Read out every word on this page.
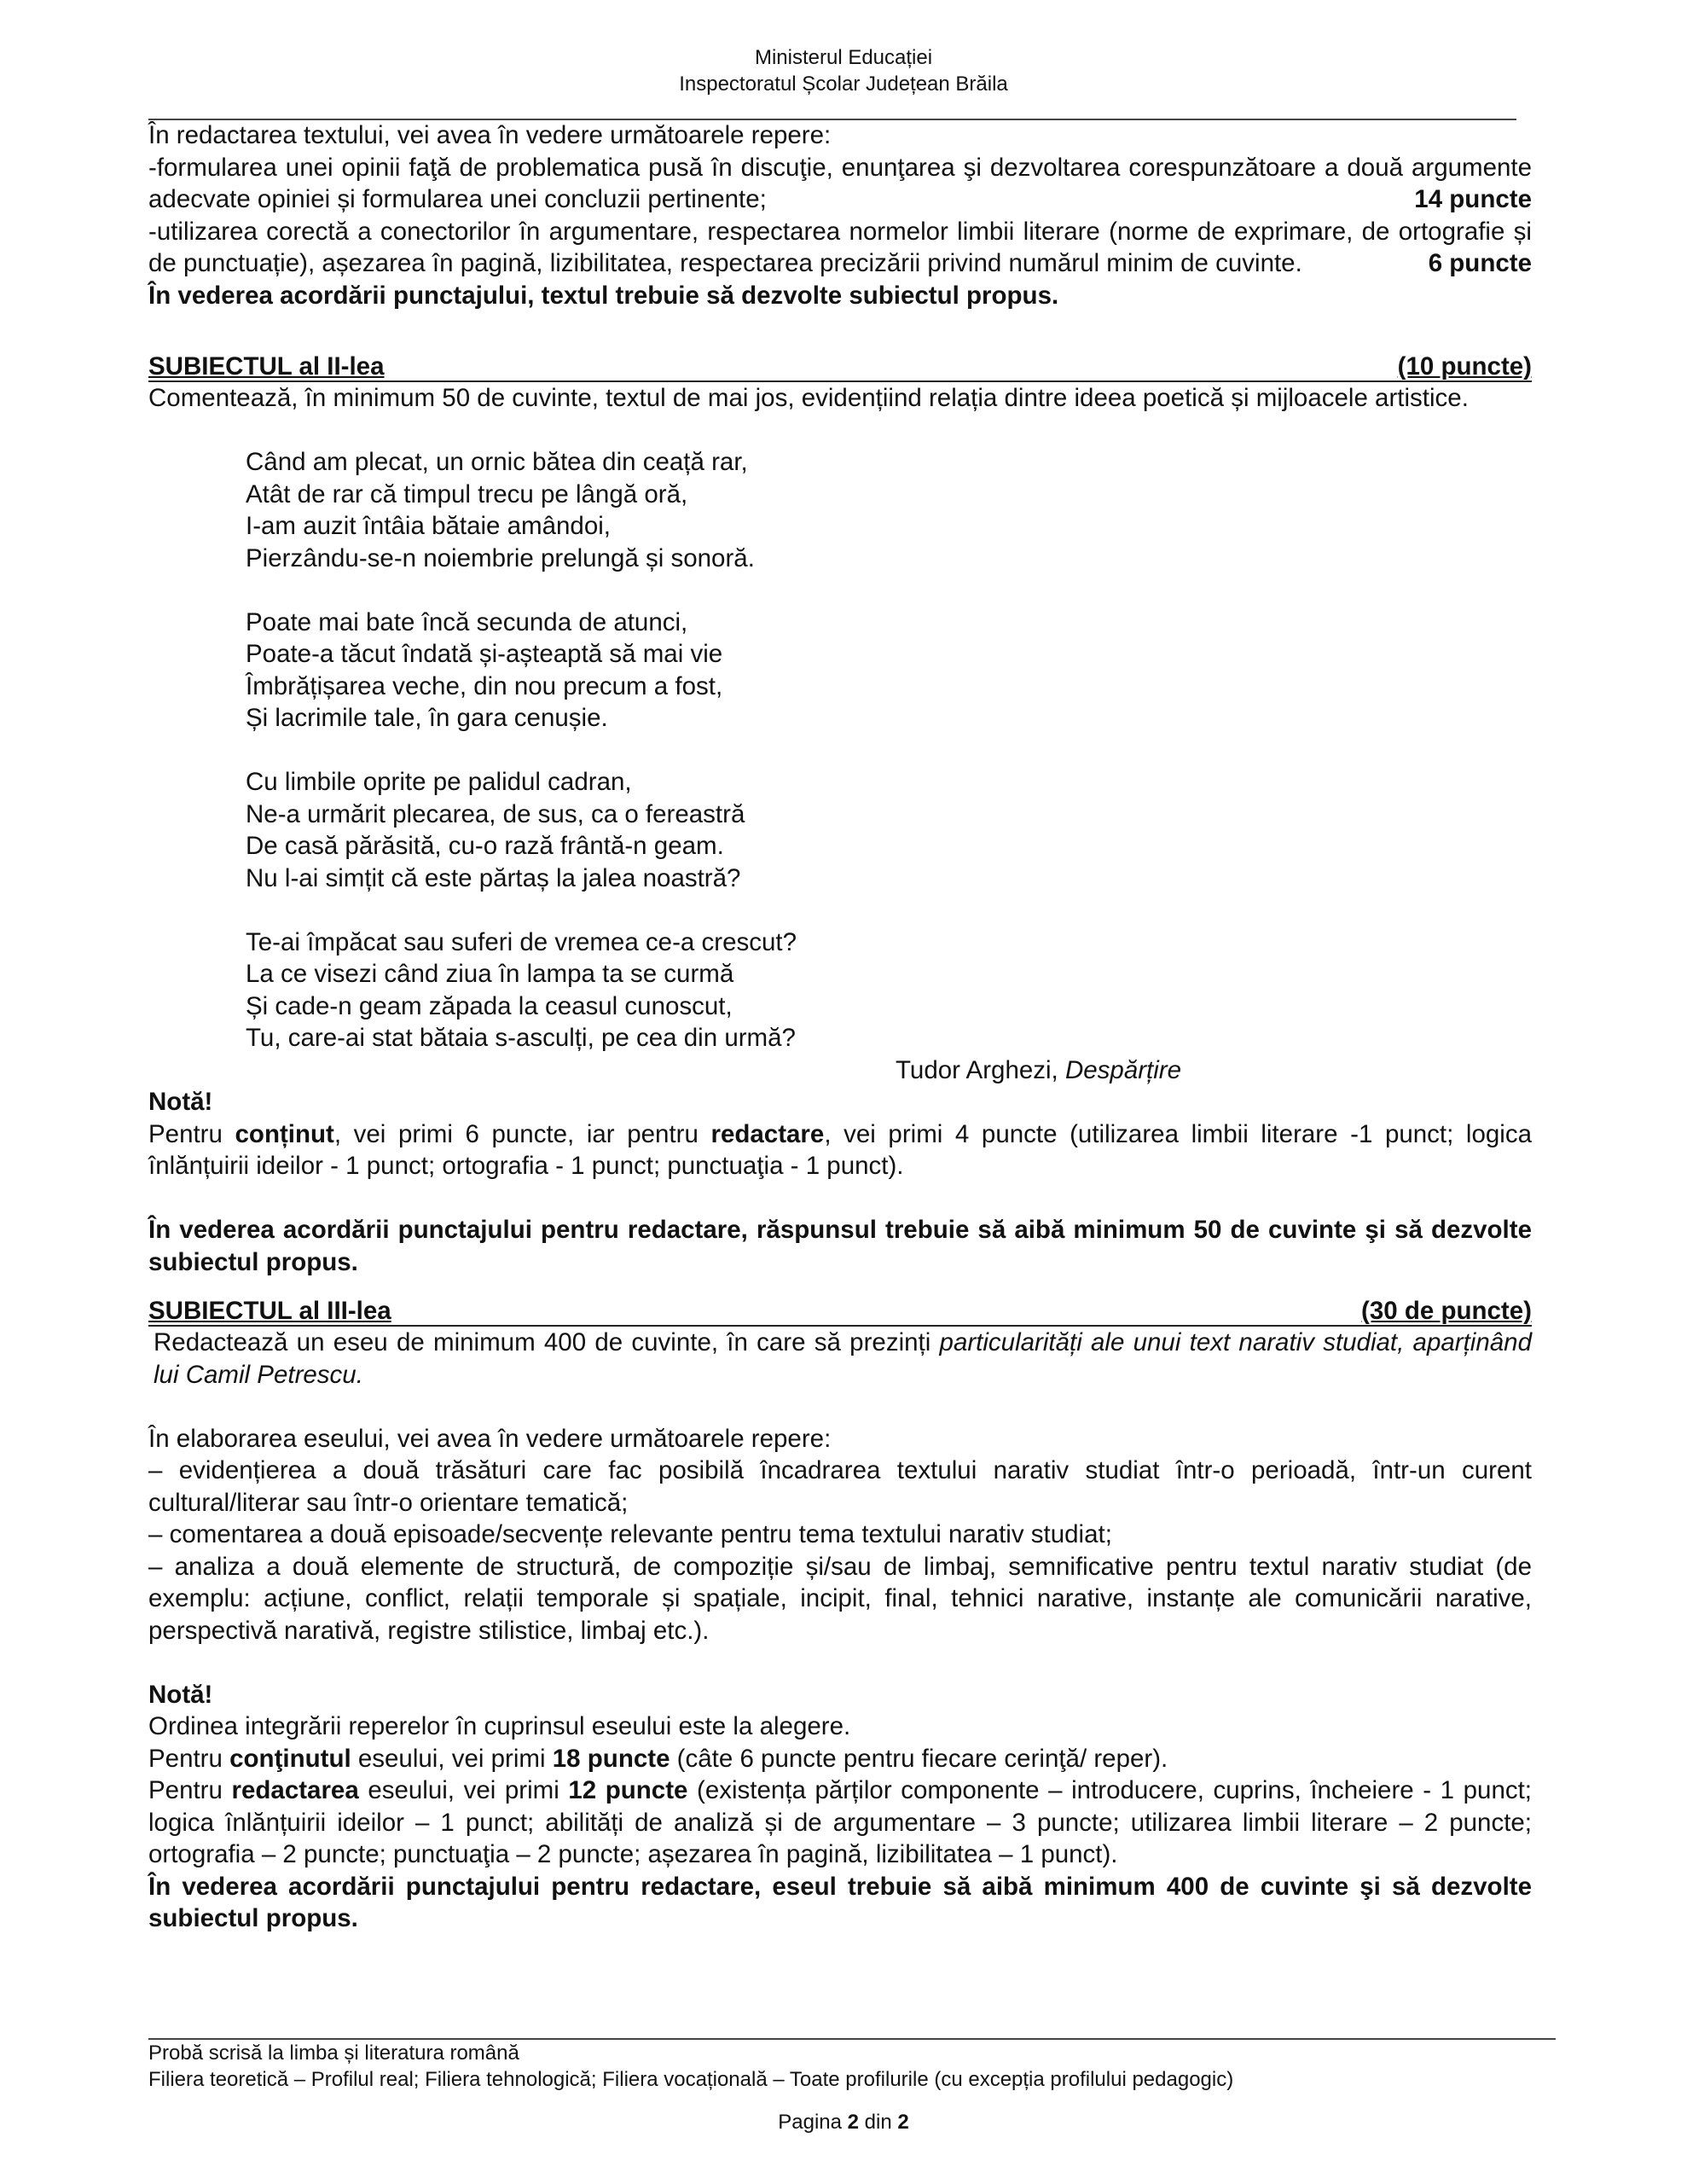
Ministerul Educației
Inspectoratul Școlar Județean Brăila

În redactarea textului, vei avea în vedere următoarele repere:

-formularea unei opinii faţă de problematica pusă în discuţie, enunţarea şi dezvoltarea corespunzătoare a două argumente adecvate opiniei și formularea unei concluzii pertinente;	14 puncte

-utilizarea corectă a conectorilor în argumentare, respectarea normelor limbii literare (norme de exprimare, de ortografie și de punctuație), așezarea în pagină, lizibilitatea, respectarea precizării privind numărul minim de cuvinte.	6 puncte

În vederea acordării punctajului, textul trebuie să dezvolte subiectul propus.

SUBIECTUL al II-lea	(10 puncte)

Comentează, în minimum 50 de cuvinte, textul de mai jos, evidențiind relația dintre ideea poetică și mijloacele artistice.

Când am plecat, un ornic bătea din ceață rar,
Atât de rar că timpul trecu pe lângă oră,
I-am auzit întâia bătaie amândoi,
Pierzându-se-n noiembrie prelungă și sonoră.
Poate mai bate încă secunda de atunci,
Poate-a tăcut îndată și-așteaptă să mai vie
Îmbrățișarea veche, din nou precum a fost,
Și lacrimile tale, în gara cenușie.
Cu limbile oprite pe palidul cadran,
Ne-a urmărit plecarea, de sus, ca o fereastră
De casă părăsită, cu-o rază frântă-n geam.
Nu l-ai simțit că este părtaș la jalea noastră?
Te-ai împăcat sau suferi de vremea ce-a crescut?
La ce visezi când ziua în lampa ta se curmă
Și cade-n geam zăpada la ceasul cunoscut,
Tu, care-ai stat bătaia s-asculți, pe cea din urmă?

Tudor Arghezi, Despărțire

Notă!

Pentru conținut, vei primi 6 puncte, iar pentru redactare, vei primi 4 puncte (utilizarea limbii literare -1 punct; logica înlănțuirii ideilor - 1 punct; ortografia - 1 punct; punctuaţia - 1 punct).

În vederea acordării punctajului pentru redactare, răspunsul trebuie să aibă minimum 50 de cuvinte şi să dezvolte subiectul propus.

SUBIECTUL al III-lea	(30 de puncte)

Redactează un eseu de minimum 400 de cuvinte, în care să prezinți particularități ale unui text narativ studiat, aparținând lui Camil Petrescu.

În elaborarea eseului, vei avea în vedere următoarele repere:

– evidențierea a două trăsături care fac posibilă încadrarea textului narativ studiat într-o perioadă, într-un curent cultural/literar sau într-o orientare tematică;

– comentarea a două episoade/secvențe relevante pentru tema textului narativ studiat;

– analiza a două elemente de structură, de compoziție și/sau de limbaj, semnificative pentru textul narativ studiat (de exemplu: acțiune, conflict, relații temporale și spațiale, incipit, final, tehnici narative, instanțe ale comunicării narative, perspectivă narativă, registre stilistice, limbaj etc.).

Notă!

Ordinea integrării reperelor în cuprinsul eseului este la alegere.

Pentru conţinutul eseului, vei primi 18 puncte (câte 6 puncte pentru fiecare cerinţă/ reper).

Pentru redactarea eseului, vei primi 12 puncte (existența părților componente – introducere, cuprins, încheiere - 1 punct; logica înlănțuirii ideilor – 1 punct; abilități de analiză și de argumentare – 3 puncte; utilizarea limbii literare – 2 puncte; ortografia – 2 puncte; punctuaţia – 2 puncte; așezarea în pagină, lizibilitatea – 1 punct).

În vederea acordării punctajului pentru redactare, eseul trebuie să aibă minimum 400 de cuvinte şi să dezvolte subiectul propus.

Probă scrisă la limba și literatura română
Filiera teoretică – Profilul real; Filiera tehnologică; Filiera vocațională – Toate profilurile (cu excepția profilului pedagogic)
Pagina 2 din 2
